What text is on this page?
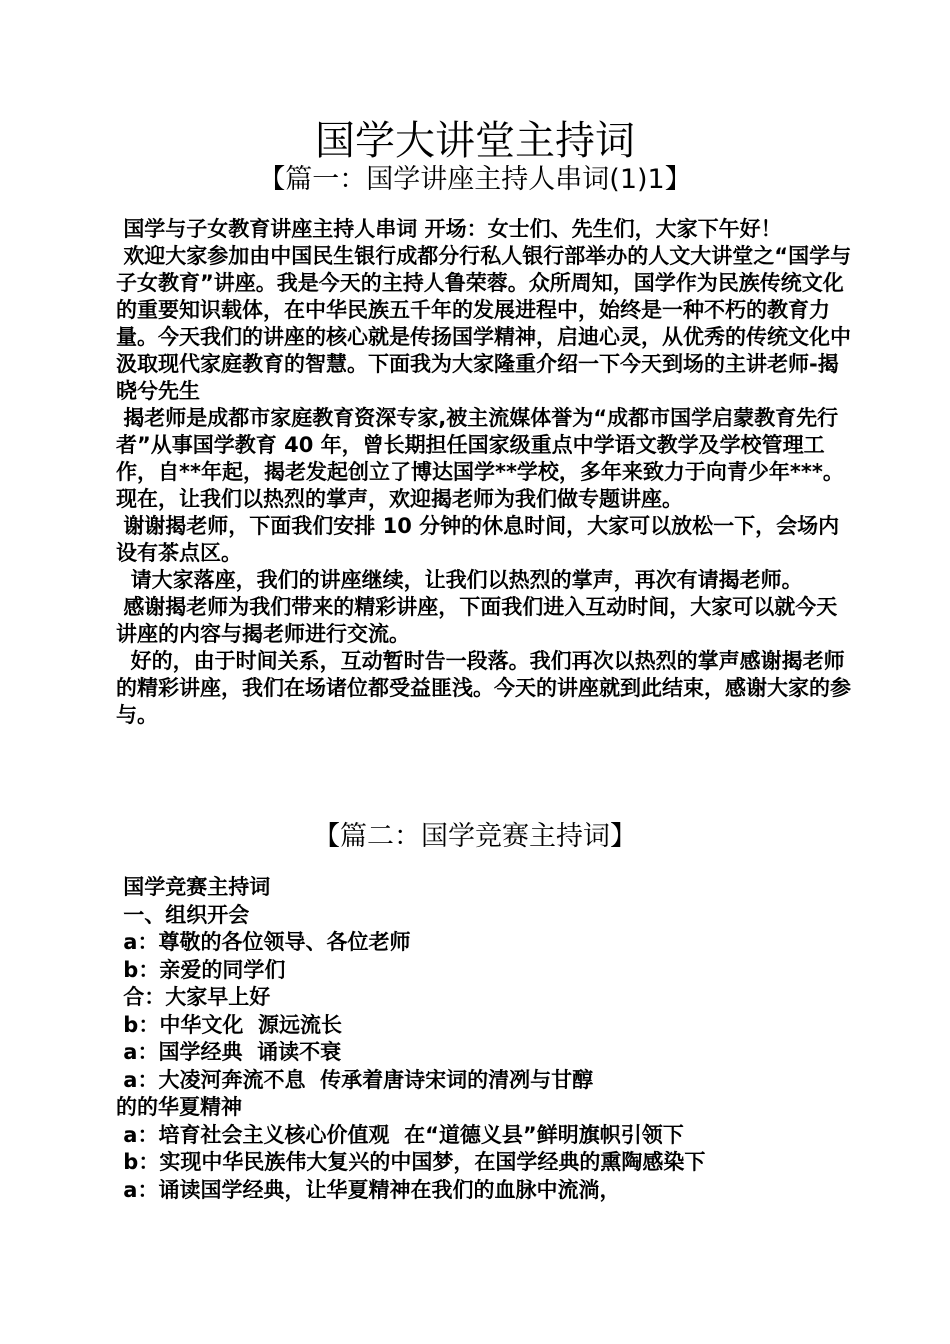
国学大讲堂主持词
【篇一：国学讲座主持人串词(1)1】

国学与子女教育讲座主持人串词 开场：女士们、先生们，大家下午好！

欢迎大家参加由中国民生银行成都分行私人银行部举办的人文大讲堂之“国学与子女教育”讲座。我是今天的主持人鲁荣蓉。众所周知，国学作为民族传统文化的重要知识载体，在中华民族五千年的发展进程中，始终是一种不朽的教育力量。今天我们的讲座的核心就是传扬国学精神，启迪心灵，从优秀的传统文化中汲取现代家庭教育的智慧。下面我为大家隆重介绍一下今天到场的主讲老师-揭晓兮先生

揭老师是成都市家庭教育资深专家,被主流媒体誉为“成都市国学启蒙教育先行者”从事国学教育 40 年，曾长期担任国家级重点中学语文教学及学校管理工作，自**年起，揭老发起创立了博达国学**学校，多年来致力于向青少年***。 现在，让我们以热烈的掌声，欢迎揭老师为我们做专题讲座。

谢谢揭老师，下面我们安排 10 分钟的休息时间，大家可以放松一下，会场内设有茶点区。

请大家落座，我们的讲座继续，让我们以热烈的掌声，再次有请揭老师。

感谢揭老师为我们带来的精彩讲座，下面我们进入互动时间，大家可以就今天讲座的内容与揭老师进行交流。

好的，由于时间关系，互动暂时告一段落。我们再次以热烈的掌声感谢揭老师的精彩讲座，我们在场诸位都受益匪浅。今天的讲座就到此结束，感谢大家的参与。

【篇二：国学竞赛主持词】

国学竞赛主持词

一、组织开会

a：尊敬的各位领导、各位老师

b：亲爱的同学们

合：大家早上好

b：中华文化  源远流长

a：国学经典  诵读不衰

a：大凌河奔流不息  传承着唐诗宋词的清冽与甘醇

的的华夏精神

a：培育社会主义核心价值观  在“道德义县”鲜明旗帜引领下

b：实现中华民族伟大复兴的中国梦，在国学经典的熏陶感染下

a：诵读国学经典，让华夏精神在我们的血脉中流淌，
